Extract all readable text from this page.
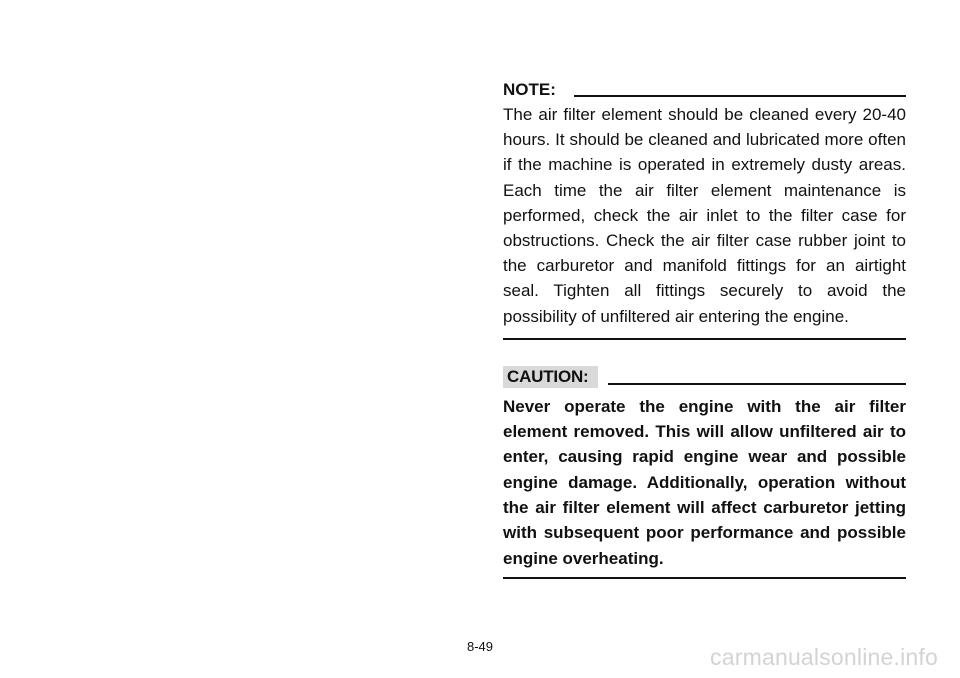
NOTE:

The air filter element should be cleaned every 20-40 hours. It should be cleaned and lubricated more often if the machine is operated in extremely dusty areas. Each time the air filter element maintenance is performed, check the air inlet to the filter case for obstructions. Check the air filter case rubber joint to the carburetor and manifold fittings for an airtight seal. Tighten all fittings securely to avoid the possibility of unfiltered air entering the engine.

CAUTION:

Never operate the engine with the air filter element removed. This will allow unfiltered air to enter, causing rapid engine wear and possible engine damage. Additionally, operation without the air filter element will affect carburetor jetting with subsequent poor performance and possible engine overheating.

8-49	carmanualsonline.info
